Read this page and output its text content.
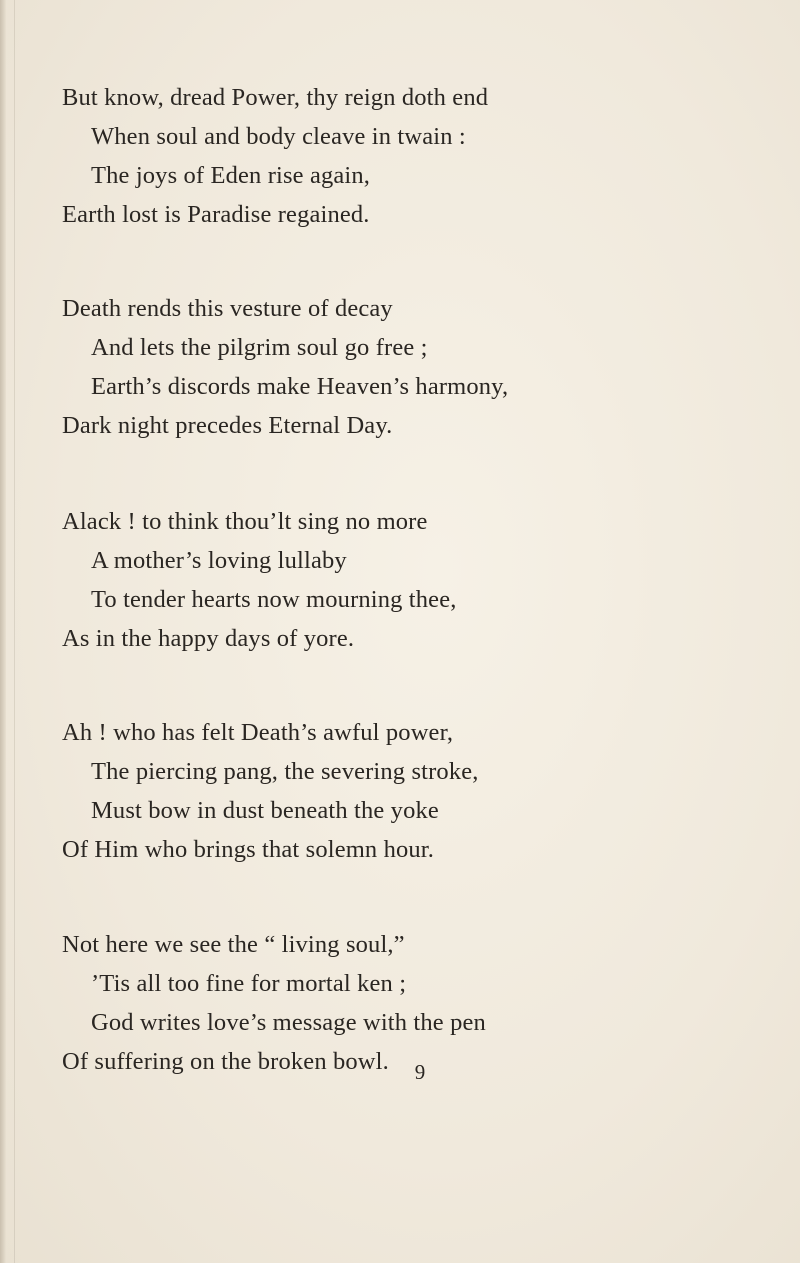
But know, dread Power, thy reign doth end
When soul and body cleave in twain :
The joys of Eden rise again,
Earth lost is Paradise regained.
Death rends this vesture of decay
And lets the pilgrim soul go free ;
Earth’s discords make Heaven’s harmony,
Dark night precedes Eternal Day.
Alack ! to think thou’lt sing no more
A mother’s loving lullaby
To tender hearts now mourning thee,
As in the happy days of yore.
Ah ! who has felt Death’s awful power,
The piercing pang, the severing stroke,
Must bow in dust beneath the yoke
Of Him who brings that solemn hour.
Not here we see the “ living soul,”
’Tis all too fine for mortal ken ;
God writes love’s message with the pen
Of suffering on the broken bowl.	9
